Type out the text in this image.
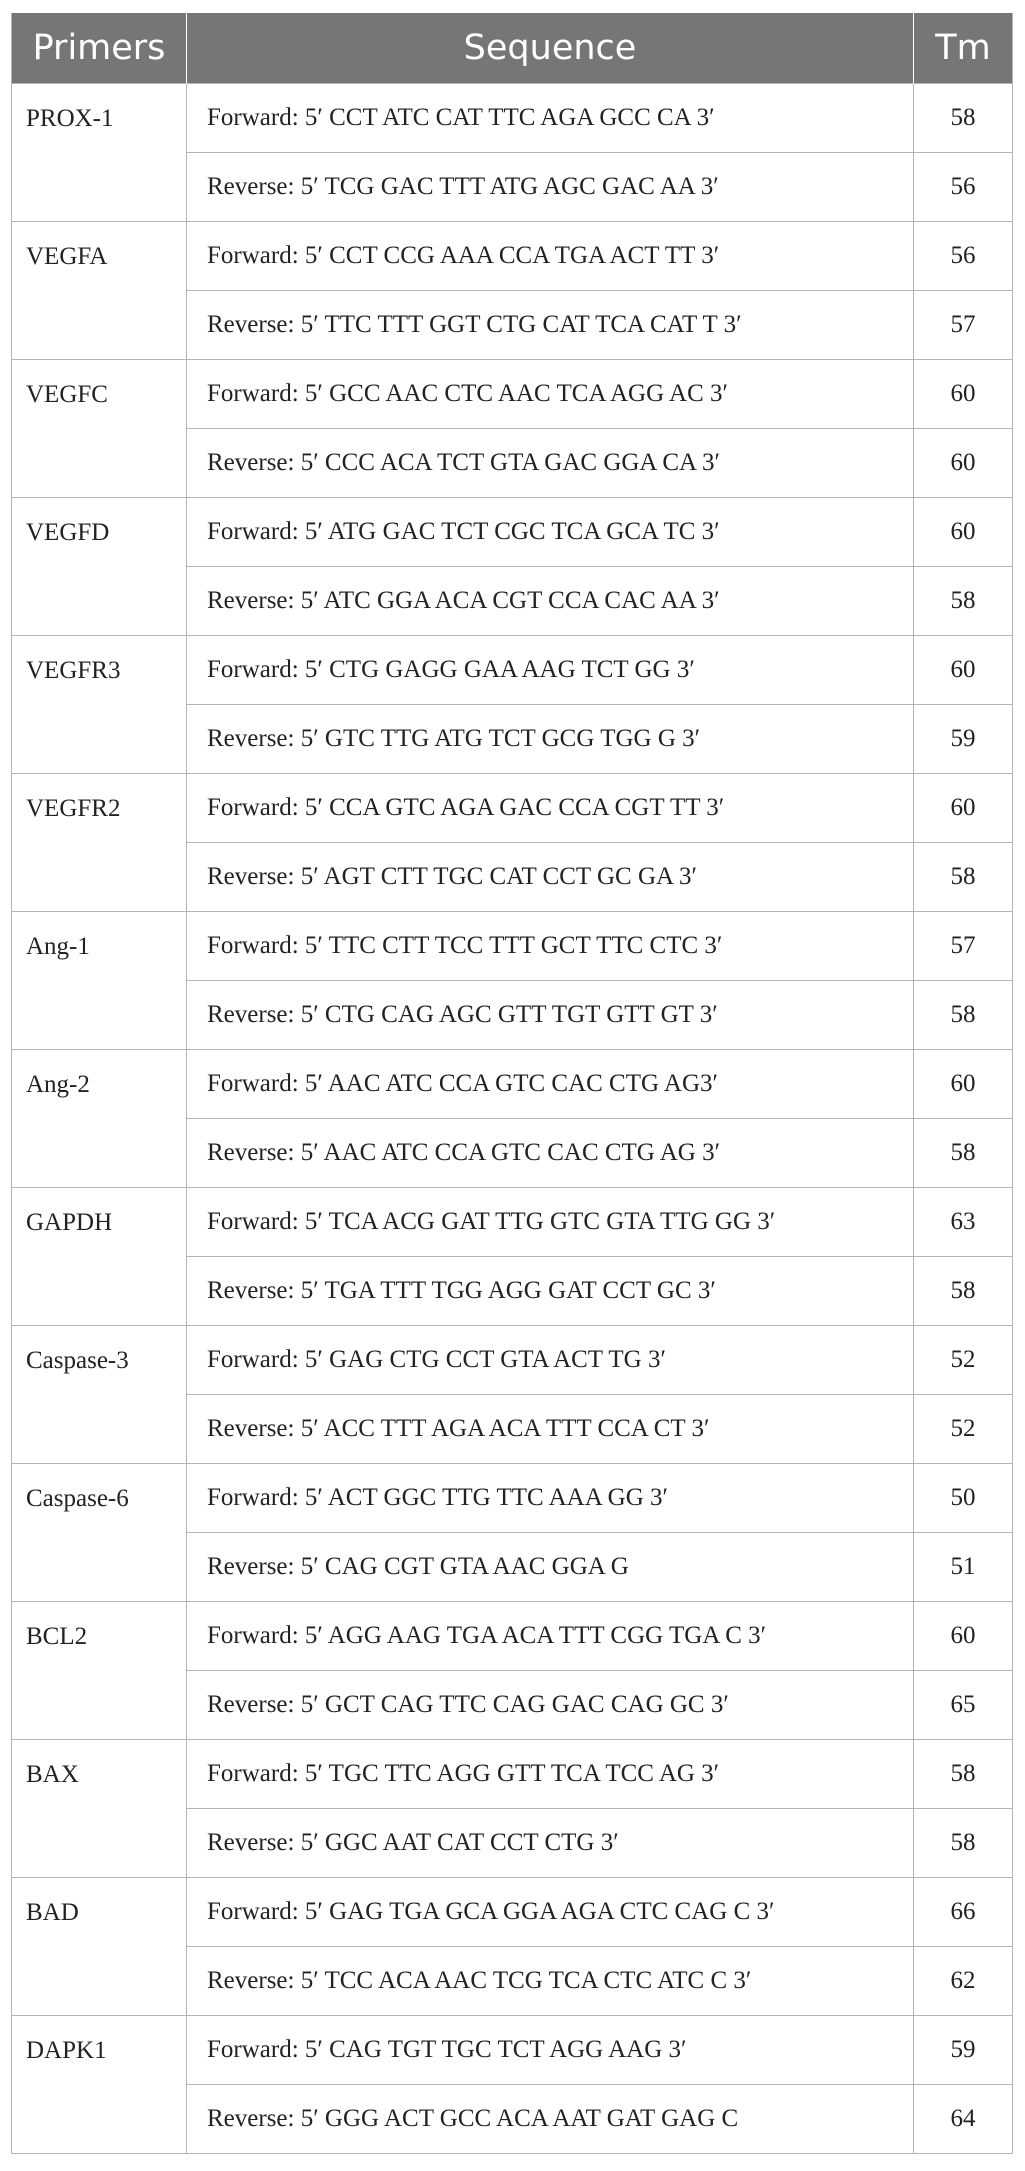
Primers	Sequence	Tm
PROX-1	Forward: 5′ CCT ATC CAT TTC AGA GCC CA 3′	58
	Reverse: 5′ TCG GAC TTT ATG AGC GAC AA 3′	56
VEGFA	Forward: 5′ CCT CCG AAA CCA TGA ACT TT 3′	56
	Reverse: 5′ TTC TTT GGT CTG CAT TCA CAT T 3′	57
VEGFC	Forward: 5′ GCC AAC CTC AAC TCA AGG AC 3′	60
	Reverse: 5′ CCC ACA TCT GTA GAC GGA CA 3′	60
VEGFD	Forward: 5′ ATG GAC TCT CGC TCA GCA TC 3′	60
	Reverse: 5′ ATC GGA ACA CGT CCA CAC AA 3′	58
VEGFR3	Forward: 5′ CTG GAGG GAA AAG TCT GG 3′	60
	Reverse: 5′ GTC TTG ATG TCT GCG TGG G 3′	59
VEGFR2	Forward: 5′ CCA GTC AGA GAC CCA CGT TT 3′	60
	Reverse: 5′ AGT CTT TGC CAT CCT GC GA 3′	58
Ang-1	Forward: 5′ TTC CTT TCC TTT GCT TTC CTC 3′	57
	Reverse: 5′ CTG CAG AGC GTT TGT GTT GT 3′	58
Ang-2	Forward: 5′ AAC ATC CCA GTC CAC CTG AG3′	60
	Reverse: 5′ AAC ATC CCA GTC CAC CTG AG 3′	58
GAPDH	Forward: 5′ TCA ACG GAT TTG GTC GTA TTG GG 3′	63
	Reverse: 5′ TGA TTT TGG AGG GAT CCT GC 3′	58
Caspase-3	Forward: 5′ GAG CTG CCT GTA ACT TG 3′	52
	Reverse: 5′ ACC TTT AGA ACA TTT CCA CT 3′	52
Caspase-6	Forward: 5′ ACT GGC TTG TTC AAA GG 3′	50
	Reverse: 5′ CAG CGT GTA AAC GGA G	51
BCL2	Forward: 5′ AGG AAG TGA ACA TTT CGG TGA C 3′	60
	Reverse: 5′ GCT CAG TTC CAG GAC CAG GC 3′	65
BAX	Forward: 5′ TGC TTC AGG GTT TCA TCC AG 3′	58
	Reverse: 5′ GGC AAT CAT CCT CTG 3′	58
BAD	Forward: 5′ GAG TGA GCA GGA AGA CTC CAG C 3′	66
	Reverse: 5′ TCC ACA AAC TCG TCA CTC ATC C 3′	62
DAPK1	Forward: 5′ CAG TGT TGC TCT AGG AAG 3′	59
	Reverse: 5′ GGG ACT GCC ACA AAT GAT GAG C	64
